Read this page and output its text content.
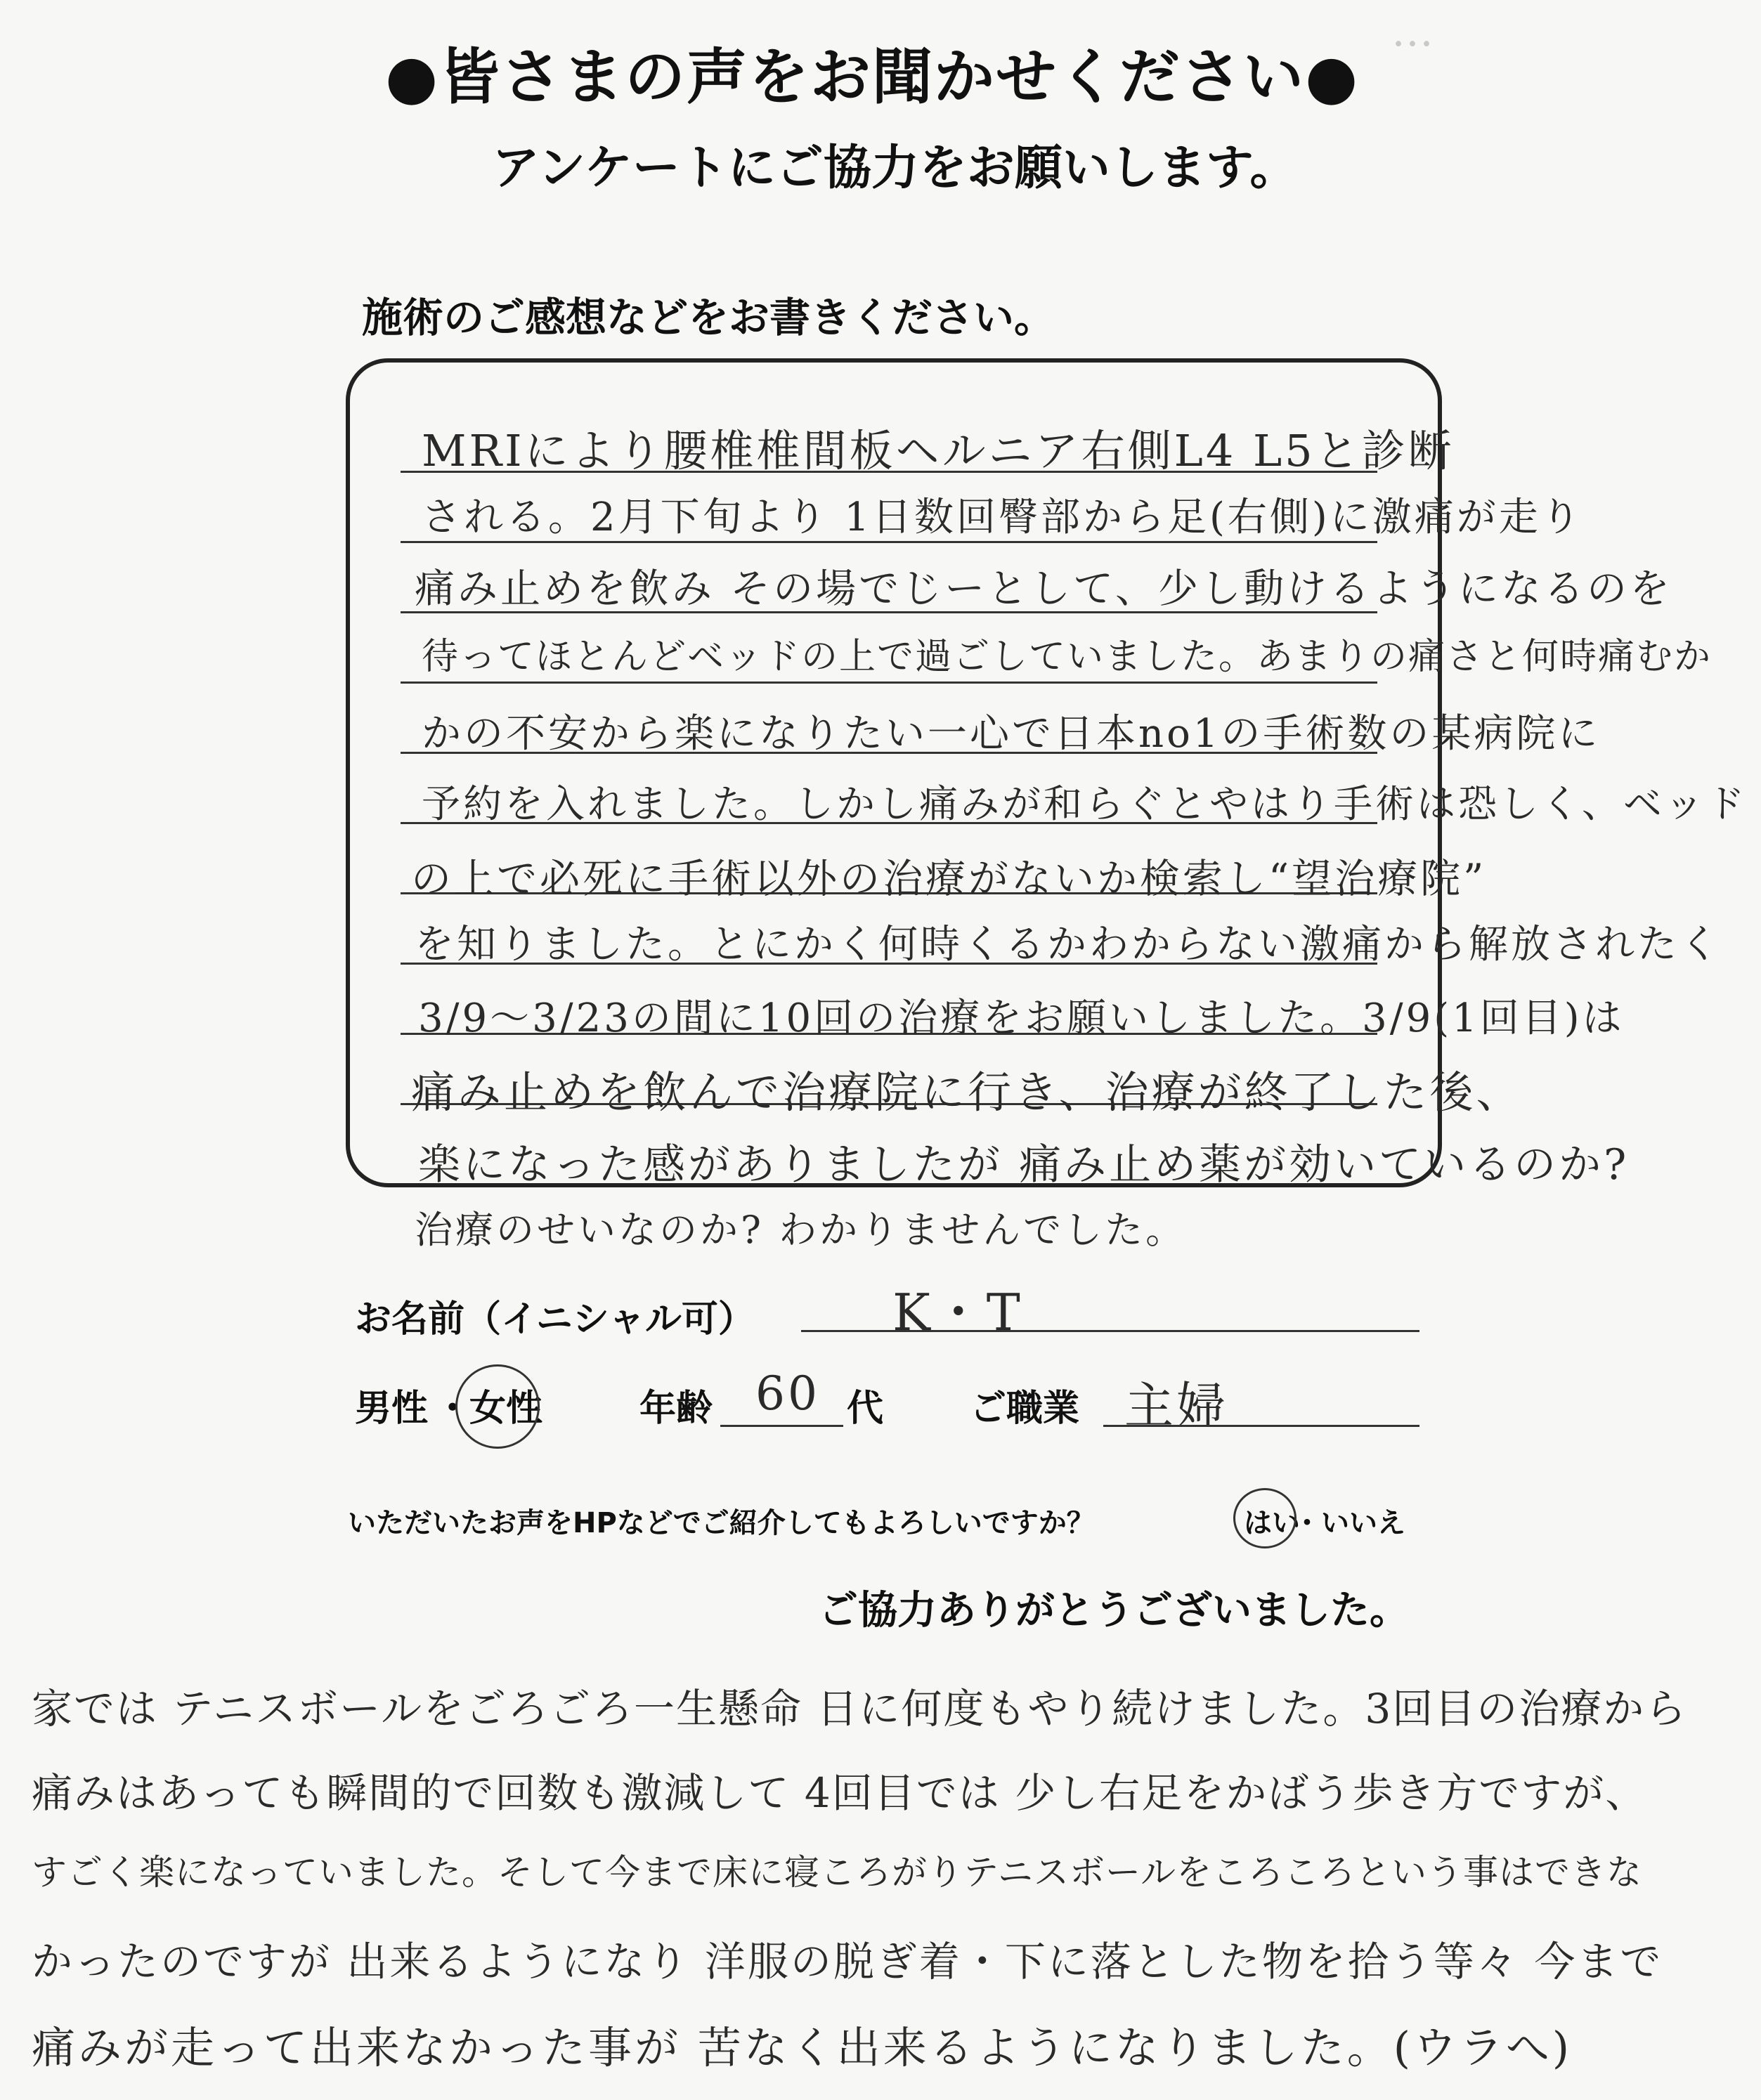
…
●皆さまの声をお聞かせください●
アンケートにご協力をお願いします。
施術のご感想などをお書きください。
MRIにより腰椎椎間板ヘルニア右側L4 L5と診断
される。2月下旬より 1日数回臀部から足(右側)に激痛が走り
痛み止めを飲み その場でじーとして、少し動けるようになるのを
待ってほとんどベッドの上で過ごしていました。あまりの痛さと何時痛むか
かの不安から楽になりたい一心で日本no1の手術数の某病院に
予約を入れました。しかし痛みが和らぐとやはり手術は恐しく、ベッド
の上で必死に手術以外の治療がないか検索し“望治療院”
を知りました。とにかく何時くるかわからない激痛から解放されたく
3/9～3/23の間に10回の治療をお願いしました。3/9(1回目)は
痛み止めを飲んで治療院に行き、治療が終了した後、
楽になった感がありましたが 痛み止め薬が効いているのか?
治療のせいなのか? わかりませんでした。
お名前（イニシャル可）	K・T
男性 ・
女性	年齢 60 代 ご職業 主婦
いただいたお声をHPなどでご紹介してもよろしいですか？	はい
・ いいえ
ご協力ありがとうございました。
家では テニスボールをごろごろ一生懸命 日に何度もやり続けました。3回目の治療から
痛みはあっても瞬間的で回数も激減して 4回目では 少し右足をかばう歩き方ですが、
すごく楽になっていました。そして今まで床に寝ころがりテニスボールをころころという事はできな
かったのですが 出来るようになり 洋服の脱ぎ着・下に落とした物を拾う等々 今まで
痛みが走って出来なかった事が 苦なく出来るようになりました。(ウラへ)
